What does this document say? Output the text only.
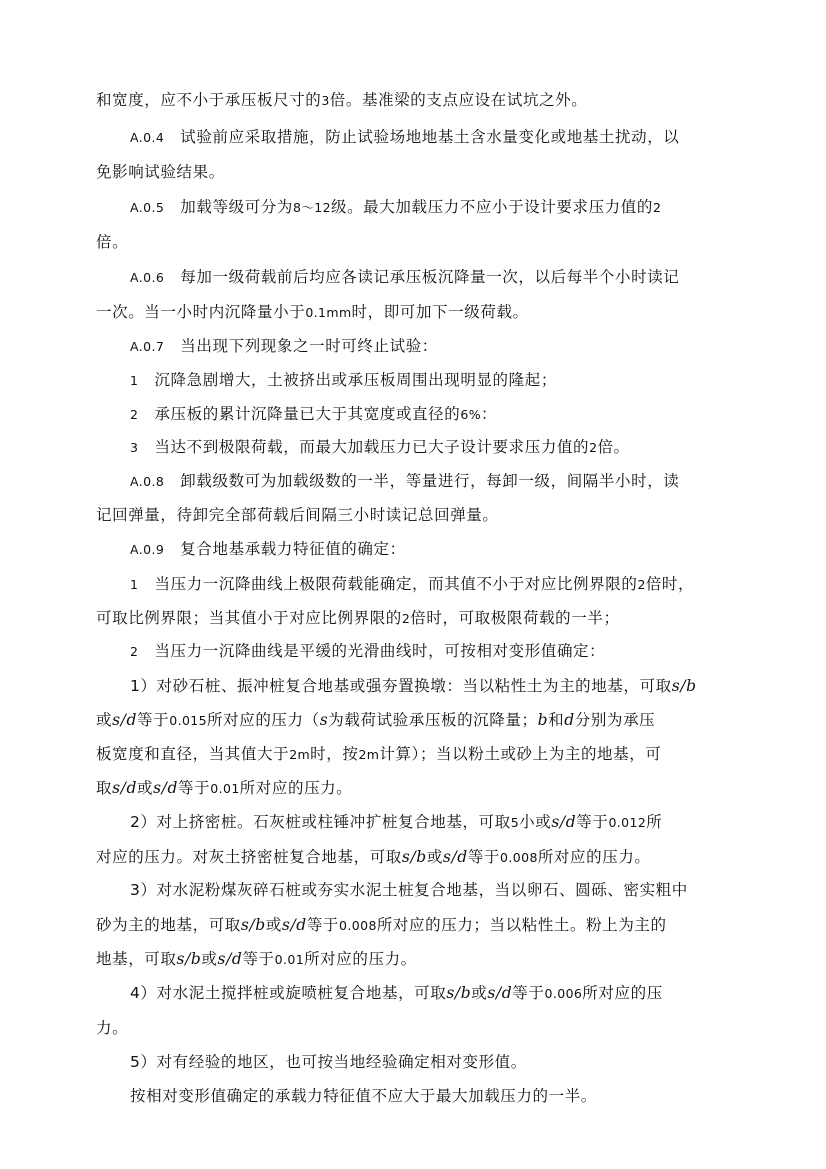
和宽度，应不小于承压板尺寸的3倍。基准梁的支点应设在试坑之外。
A.0.4　试验前应采取措施，防止试验场地地基土含水量变化或地基土扰动，以
免影响试验结果。
A.0.5　加载等级可分为8～12级。最大加载压力不应小于设计要求压力值的2
倍。
A.0.6　每加一级荷载前后均应各读记承压板沉降量一次，以后每半个小时读记
一次。当一小时内沉降量小于0.1mm时，即可加下一级荷载。
A.0.7　当出现下列现象之一时可终止试验：
1　沉降急剧增大，土被挤出或承压板周围出现明显的隆起；
2　承压板的累计沉降量已大于其宽度或直径的6%：
3　当达不到极限荷载，而最大加载压力已大子设计要求压力值的2倍。
A.0.8　卸载级数可为加载级数的一半，等量进行，每卸一级，间隔半小时，读
记回弹量，待卸完全部荷载后间隔三小时读记总回弹量。
A.0.9　复合地基承载力特征值的确定：
1　当压力一沉降曲线上极限荷载能确定，而其值不小于对应比例界限的2倍时，
可取比例界限；当其值小于对应比例界限的2倍时，可取极限荷载的一半；
2　当压力一沉降曲线是平缓的光滑曲线时，可按相对变形值确定：
1）对砂石桩、振冲桩复合地基或强夯置换墩：当以粘性土为主的地基，可取s/b
或s/d等于0.015所对应的压力（s为载荷试验承压板的沉降量；b和d分别为承压
板宽度和直径，当其值大于2m时，按2m计算）；当以粉土或砂上为主的地基，可
取s/d或s/d等于0.01所对应的压力。
2）对上挤密桩。石灰桩或柱锤冲扩桩复合地基，可取5小或s/d等于0.012所
对应的压力。对灰土挤密桩复合地基，可取s/b或s/d等于0.008所对应的压力。
3）对水泥粉煤灰碎石桩或夯实水泥土桩复合地基，当以卵石、圆砾、密实粗中
砂为主的地基，可取s/b或s/d等于0.008所对应的压力；当以粘性土。粉上为主的
地基，可取s/b或s/d等于0.01所对应的压力。
4）对水泥土搅拌桩或旋喷桩复合地基，可取s/b或s/d等于0.006所对应的压
力。
5）对有经验的地区，也可按当地经验确定相对变形值。
按相对变形值确定的承载力特征值不应大于最大加载压力的一半。
